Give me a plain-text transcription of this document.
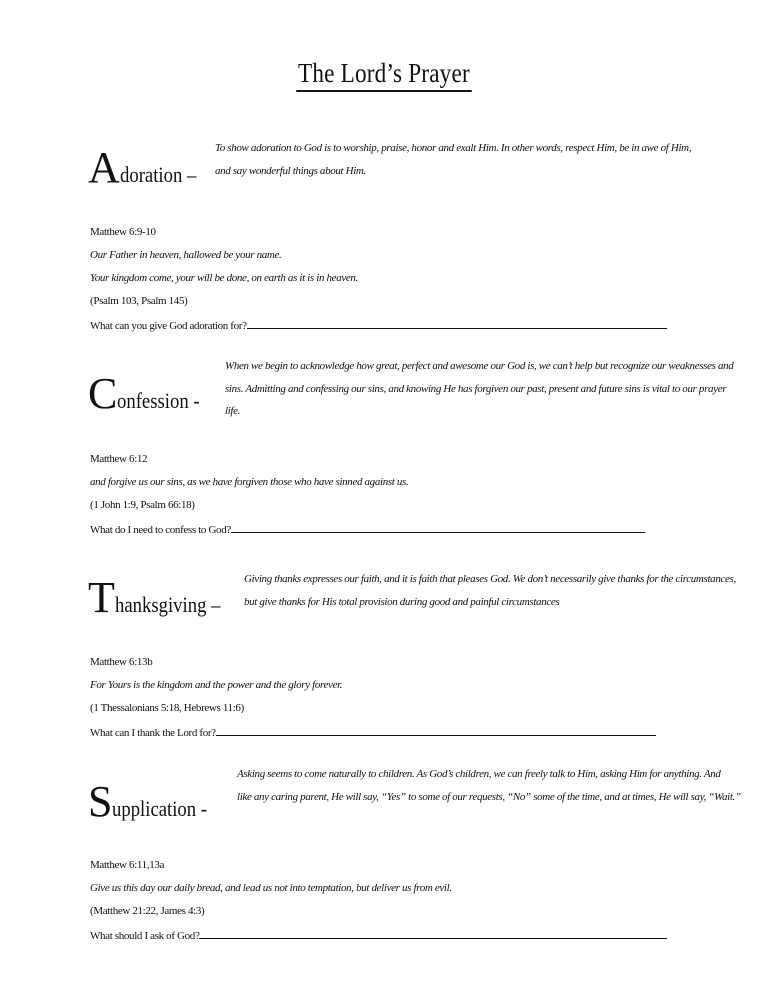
The Lord’s Prayer
Adoration –
To show adoration to God is to worship, praise, honor and exalt Him. In other words, respect Him, be in awe of Him,
and say wonderful things about Him.
Matthew 6:9-10
Our Father in heaven, hallowed be your name.
Your kingdom come, your will be done, on earth as it is in heaven.
(Psalm 103, Psalm 145)
What can you give God adoration for?
Confession -
When we begin to acknowledge how great, perfect and awesome our God is, we can’t help but recognize our weaknesses and
sins. Admitting and confessing our sins, and knowing He has forgiven our past, present and future sins is vital to our prayer
life.
Matthew 6:12
and forgive us our sins, as we have forgiven those who have sinned against us.
(1 John 1:9, Psalm 66:18)
What do I need to confess to God?
Thanksgiving –
Giving thanks expresses our faith, and it is faith that pleases God. We don’t necessarily give thanks for the circumstances,
but give thanks for His total provision during good and painful circumstances
Matthew 6:13b
For Yours is the kingdom and the power and the glory forever.
(1 Thessalonians 5:18, Hebrews 11:6)
What can I thank the Lord for?
Supplication -
Asking seems to come naturally to children. As God’s children, we can freely talk to Him, asking Him for anything. And
like any caring parent, He will say, “Yes” to some of our requests, “No” some of the time, and at times, He will say, “Wait.”
Matthew 6:11,13a
Give us this day our daily bread, and lead us not into temptation, but deliver us from evil.
(Matthew 21:22, James 4:3)
What should I ask of God?
